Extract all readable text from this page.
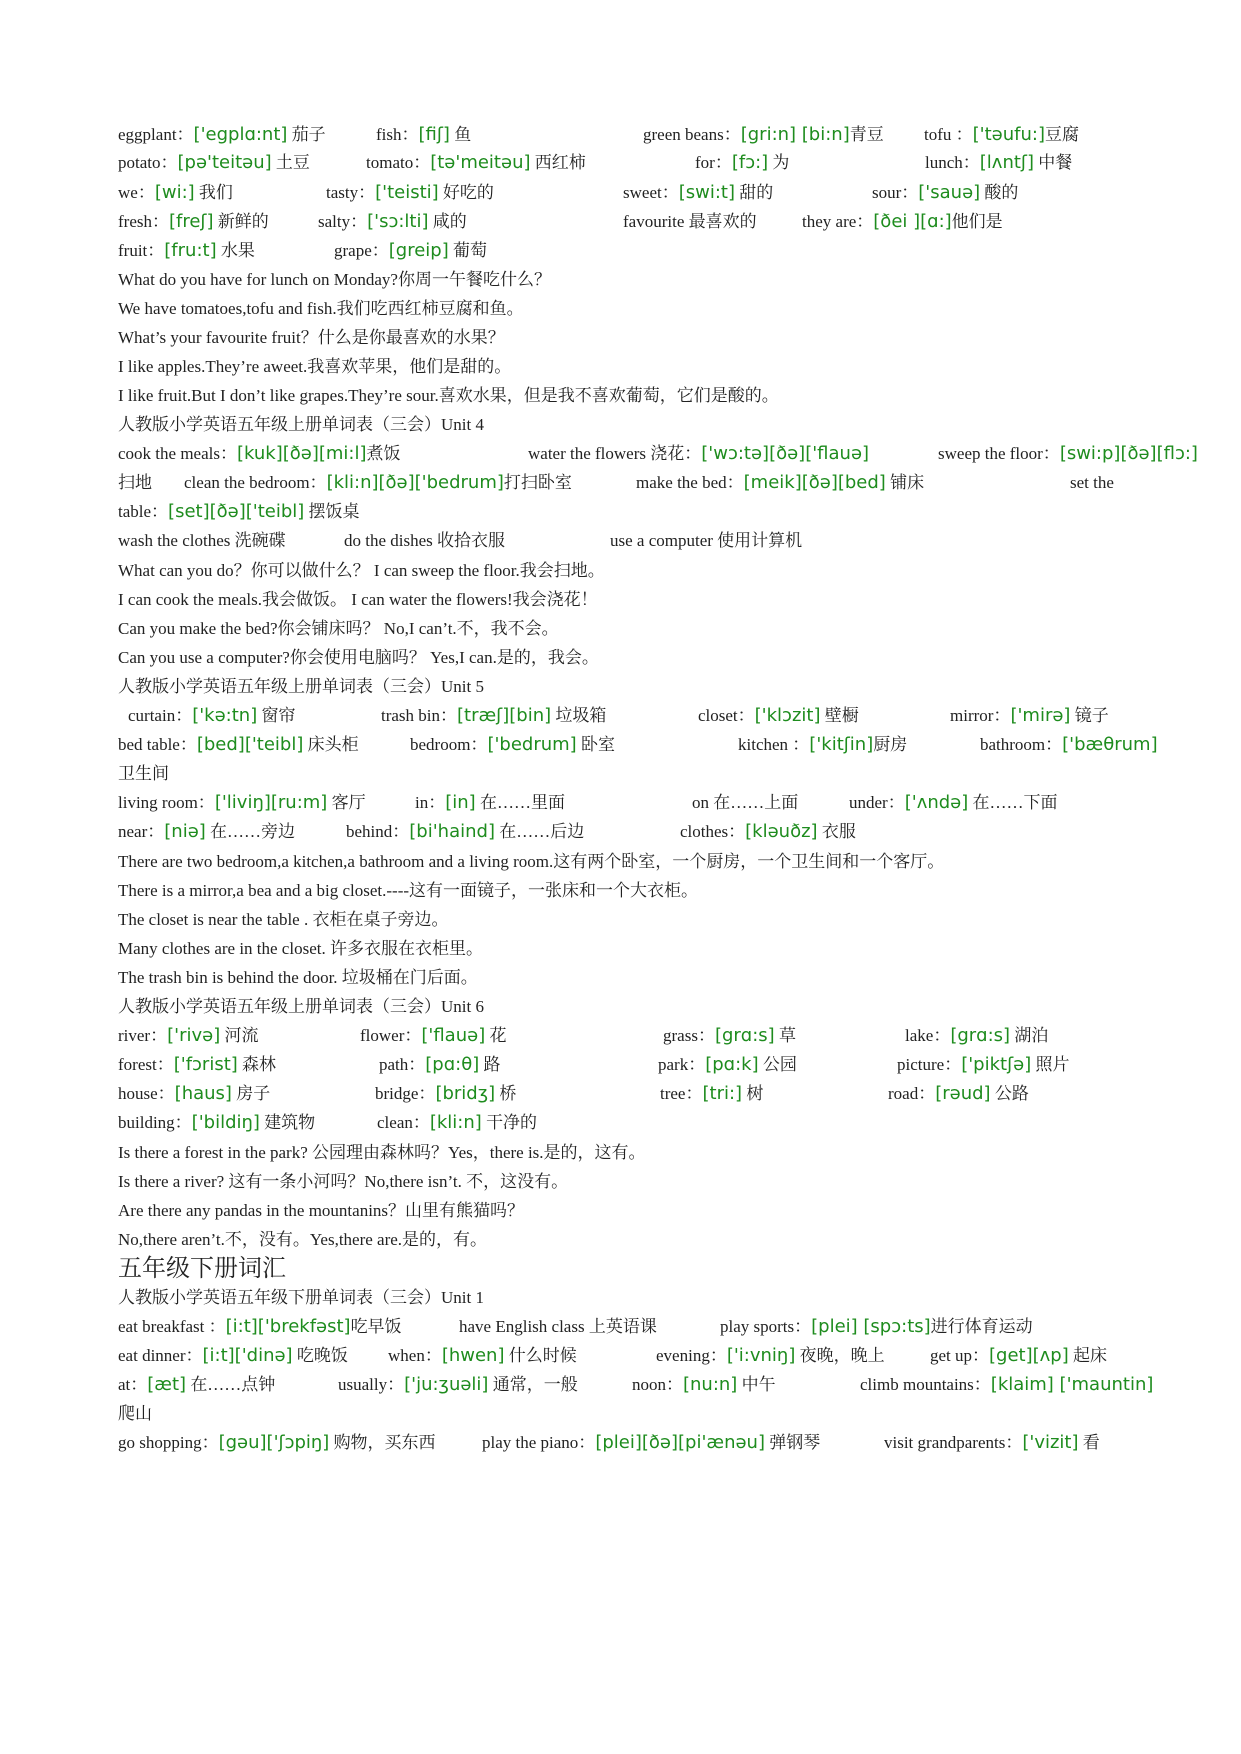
eggplant：['egplɑ:nt] 茄子	fish：[fiʃ] 鱼	green beans：[gri:n] [bi:n]青豆 tofu ：['təufu:]豆腐
potato：[pə'teitəu] 土豆	tomato：[tə'meitəu] 西红柿	for：[fɔ:] 为	lunch：[lʌntʃ] 中餐
we：[wi:] 我们	tasty：['teisti] 好吃的	sweet：[swi:t] 甜的	sour：['sauə] 酸的
fresh：[freʃ] 新鲜的	salty：['sɔ:lti] 咸的	favourite 最喜欢的	they are：[ðei ][ɑ:]他们是
fruit：[fru:t] 水果	grape：[greip] 葡萄
What do you have for lunch on Monday?你周一午餐吃什么？
We have tomatoes,tofu and fish.我们吃西红柿豆腐和鱼。
What’s your favourite fruit？什么是你最喜欢的水果？
I like apples.They’re aweet.我喜欢苹果，他们是甜的。
I like fruit.But I don’t like grapes.They’re sour.喜欢水果，但是我不喜欢葡萄，它们是酸的。
人教版小学英语五年级上册单词表（三会）Unit 4
cook the meals：[kuk][ðə][mi:l]煮饭	water the flowers 浇花：['wɔ:tə][ðə]['flauə]	sweep the floor：[swi:p][ðə][flɔ:]
扫地 clean the bedroom：[kli:n][ðə]['bedrum]打扫卧室	make the bed：[meik][ðə][bed] 铺床	set the
table：[set][ðə]['teibl] 摆饭桌
wash the clothes 洗碗碟	do the dishes 收拾衣服	use a computer 使用计算机
What can you do？你可以做什么？ I can sweep the floor.我会扫地。
I can cook the meals.我会做饭。 I can water the flowers!我会浇花！
Can you make the bed?你会铺床吗？ No,I can’t.不，我不会。
Can you use a computer?你会使用电脑吗？ Yes,I can.是的，我会。
人教版小学英语五年级上册单词表（三会）Unit 5
curtain：['kə:tn] 窗帘	trash bin：[træʃ][bin] 垃圾箱	closet：['klɔzit] 壁橱	mirror：['mirə] 镜子
bed table：[bed]['teibl] 床头柜	bedroom：['bedrum] 卧室	kitchen ：['kitʃin]厨房	bathroom：['bæθrum]
卫生间
living room：['liviŋ][ru:m] 客厅	in：[in] 在……里面	on 在……上面	under：['ʌndə] 在……下面
near：[niə] 在……旁边	behind：[bi'haind] 在……后边	clothes：[kləuðz] 衣服
There are two bedroom,a kitchen,a bathroom and a living room.这有两个卧室，一个厨房，一个卫生间和一个客厅。
There is a mirror,a bea and a big closet.----这有一面镜子，一张床和一个大衣柜。
The closet is near the table . 衣柜在桌子旁边。
Many clothes are in the closet. 许多衣服在衣柜里。
The trash bin is behind the door. 垃圾桶在门后面。
人教版小学英语五年级上册单词表（三会）Unit 6
river：['rivə] 河流	flower：['flauə] 花	grass：[grɑ:s] 草	lake：[grɑ:s] 湖泊
forest：['fɔrist] 森林	path：[pɑ:θ] 路	park：[pɑ:k] 公园	picture：['piktʃə] 照片
house：[haus] 房子	bridge：[bridʒ] 桥	tree：[tri:] 树	road：[rəud] 公路
building：['bildiŋ] 建筑物	clean：[kli:n] 干净的
Is there a forest in the park? 公园理由森林吗？Yes，there is.是的，这有。
Is there a river? 这有一条小河吗？No,there isn’t. 不，这没有。
Are there any pandas in the mountanins？山里有熊猫吗？
No,there aren’t.不，没有。Yes,there are.是的，有。
五年级下册词汇
人教版小学英语五年级下册单词表（三会）Unit 1
eat breakfast ：[i:t]['brekfəst]吃早饭	have English class 上英语课	play sports：[plei] [spɔ:ts]进行体育运动
eat dinner：[i:t]['dinə] 吃晚饭 when：[hwen] 什么时候	evening：['i:vniŋ] 夜晚，晚上	get up：[get][ʌp] 起床
at：[æt] 在……点钟	usually：['ju:ʒuəli] 通常，一般	noon：[nu:n] 中午	climb mountains：[klaim] ['mauntin]
爬山
go shopping：[gəu]['ʃɔpiŋ] 购物，买东西	play the piano：[plei][ðə][pi'ænəu] 弹钢琴	visit grandparents：['vizit] 看
